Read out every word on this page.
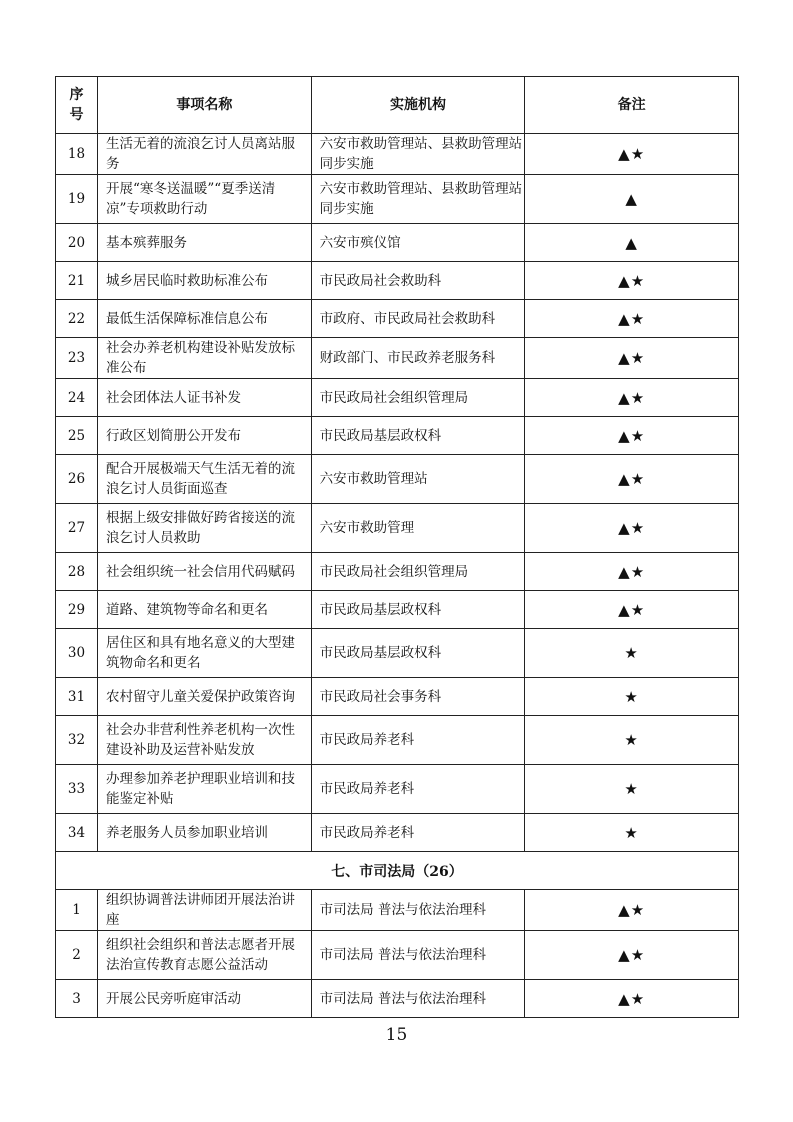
序号	事项名称	实施机构	备注
18	生活无着的流浪乞讨人员离站服务	六安市救助管理站、县救助管理站同步实施	▲★
19	开展“寒冬送温暖”“夏季送清凉”专项救助行动	六安市救助管理站、县救助管理站同步实施	▲
20	基本殡葬服务	六安市殡仪馆	▲
21	城乡居民临时救助标准公布	市民政局社会救助科	▲★
22	最低生活保障标准信息公布	市政府、市民政局社会救助科	▲★
23	社会办养老机构建设补贴发放标准公布	财政部门、市民政养老服务科	▲★
24	社会团体法人证书补发	市民政局社会组织管理局	▲★
25	行政区划简册公开发布	市民政局基层政权科	▲★
26	配合开展极端天气生活无着的流浪乞讨人员街面巡查	六安市救助管理站	▲★
27	根据上级安排做好跨省接送的流浪乞讨人员救助	六安市救助管理	▲★
28	社会组织统一社会信用代码赋码	市民政局社会组织管理局	▲★
29	道路、建筑物等命名和更名	市民政局基层政权科	▲★
30	居住区和具有地名意义的大型建筑物命名和更名	市民政局基层政权科	★
31	农村留守儿童关爱保护政策咨询	市民政局社会事务科	★
32	社会办非营利性养老机构一次性建设补助及运营补贴发放	市民政局养老科	★
33	办理参加养老护理职业培训和技能鉴定补贴	市民政局养老科	★
34	养老服务人员参加职业培训	市民政局养老科	★
七、市司法局（26）			
1	组织协调普法讲师团开展法治讲座	市司法局 普法与依法治理科	▲★
2	组织社会组织和普法志愿者开展法治宣传教育志愿公益活动	市司法局 普法与依法治理科	▲★
3	开展公民旁听庭审活动	市司法局 普法与依法治理科	▲★
15
